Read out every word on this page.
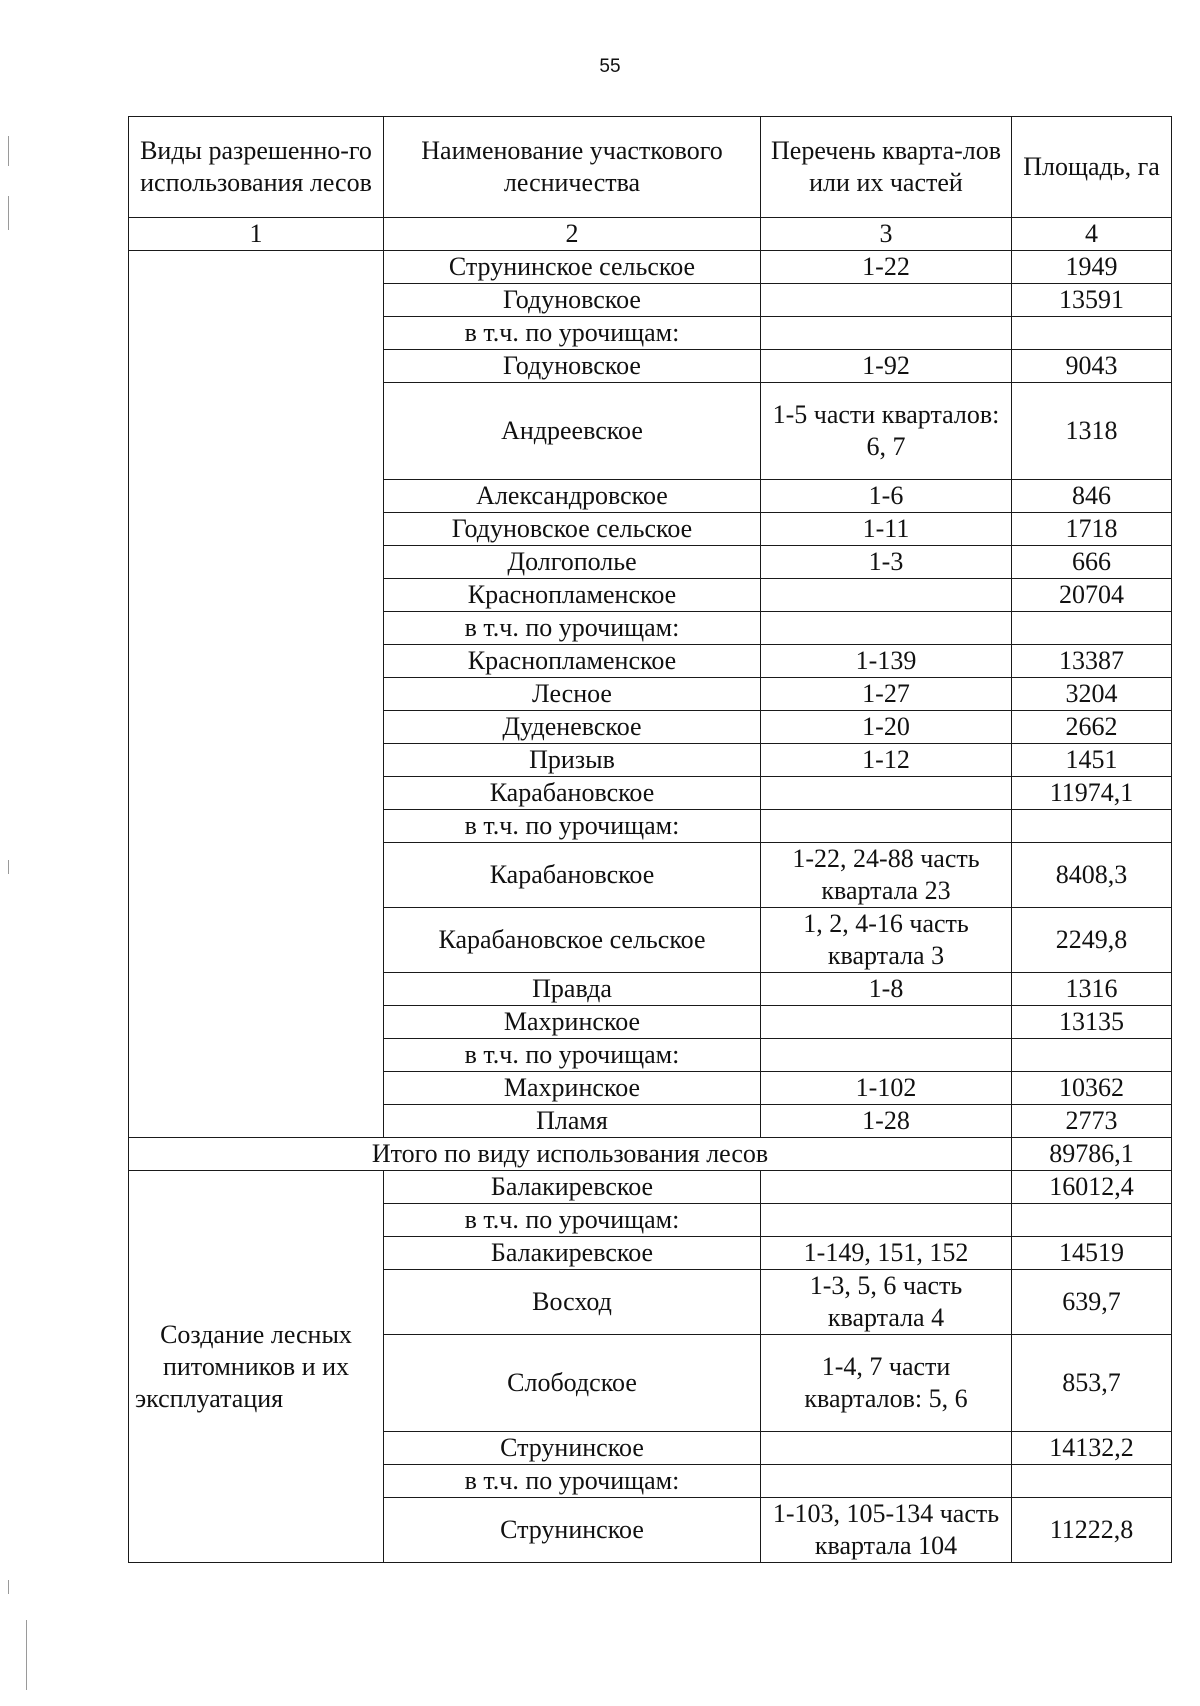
55
Виды разрешенно-го использования лесов	Наименование участкового лесничества	Перечень кварта-лов или их частей	Площадь, га
1	2	3	4
	Струнинское сельское	1-22	1949
	Годуновское		13591
	в т.ч. по урочищам:		
	Годуновское	1-92	9043
	Андреевское	1-5 части кварталов: 6, 7	1318
	Александровское	1-6	846
	Годуновское сельское	1-11	1718
	Долгополье	1-3	666
	Краснопламенское		20704
	в т.ч. по урочищам:		
	Краснопламенское	1-139	13387
	Лесное	1-27	3204
	Дуденевское	1-20	2662
	Призыв	1-12	1451
	Карабановское		11974,1
	в т.ч. по урочищам:		
	Карабановское	1-22, 24-88 часть квартала 23	8408,3
	Карабановское сельское	1, 2, 4-16 часть квартала 3	2249,8
	Правда	1-8	1316
	Махринское		13135
	в т.ч. по урочищам:		
	Махринское	1-102	10362
	Пламя	1-28	2773
Итого по виду использования лесов			89786,1
Создание лесных питомников и их эксплуатация	Балакиревское		16012,4
	в т.ч. по урочищам:		
	Балакиревское	1-149, 151, 152	14519
	Восход	1-3, 5, 6 часть квартала 4	639,7
	Слободское	1-4, 7 части кварталов: 5, 6	853,7
	Струнинское		14132,2
	в т.ч. по урочищам:		
	Струнинское	1-103, 105-134 часть квартала 104	11222,8
